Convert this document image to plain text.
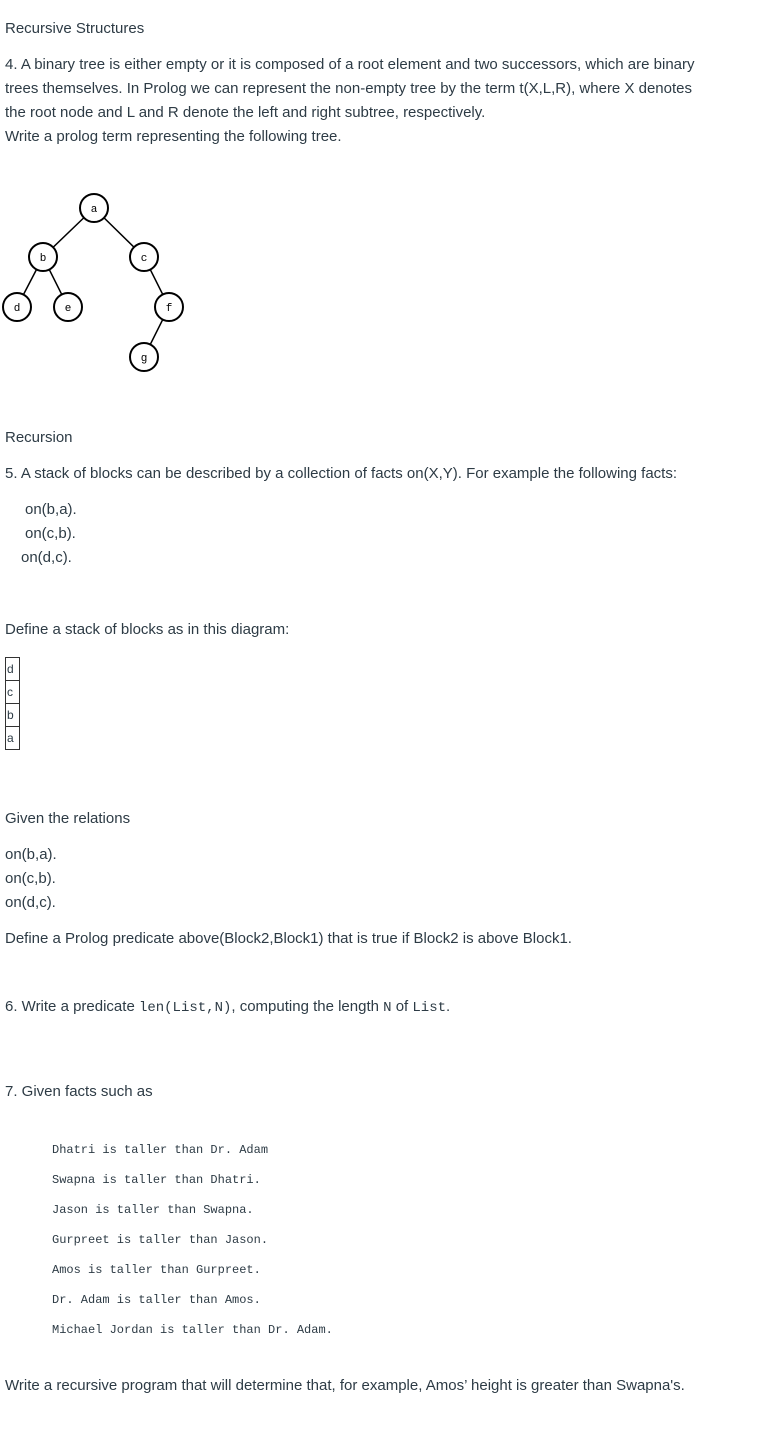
Recursive Structures
4. A binary tree is either empty or it is composed of a root element and two successors, which are binary
trees themselves. In Prolog we can represent the non-empty tree by the term t(X,L,R), where X denotes
the root node and L and R denote the left and right subtree, respectively.
Write a prolog term representing the following tree.
a
b	c
d	e	f
g
Recursion
5. A stack of blocks can be described by a collection of facts on(X,Y). For example the following facts:
on(b,a).
on(c,b).
on(d,c).
Define a stack of blocks as in this diagram:
d
c
b
a
Given the relations
on(b,a).
on(c,b).
on(d,c).
Define a Prolog predicate above(Block2,Block1) that is true if Block2 is above Block1.
6. Write a predicate len(List,N), computing the length N of List.
7. Given facts such as
Dhatri is taller than Dr. Adam
Swapna is taller than Dhatri.
Jason is taller than Swapna.
Gurpreet is taller than Jason.
Amos is taller than Gurpreet.
Dr. Adam is taller than Amos.
Michael Jordan is taller than Dr. Adam.
Write a recursive program that will determine that, for example, Amos’ height is greater than Swapna's.
